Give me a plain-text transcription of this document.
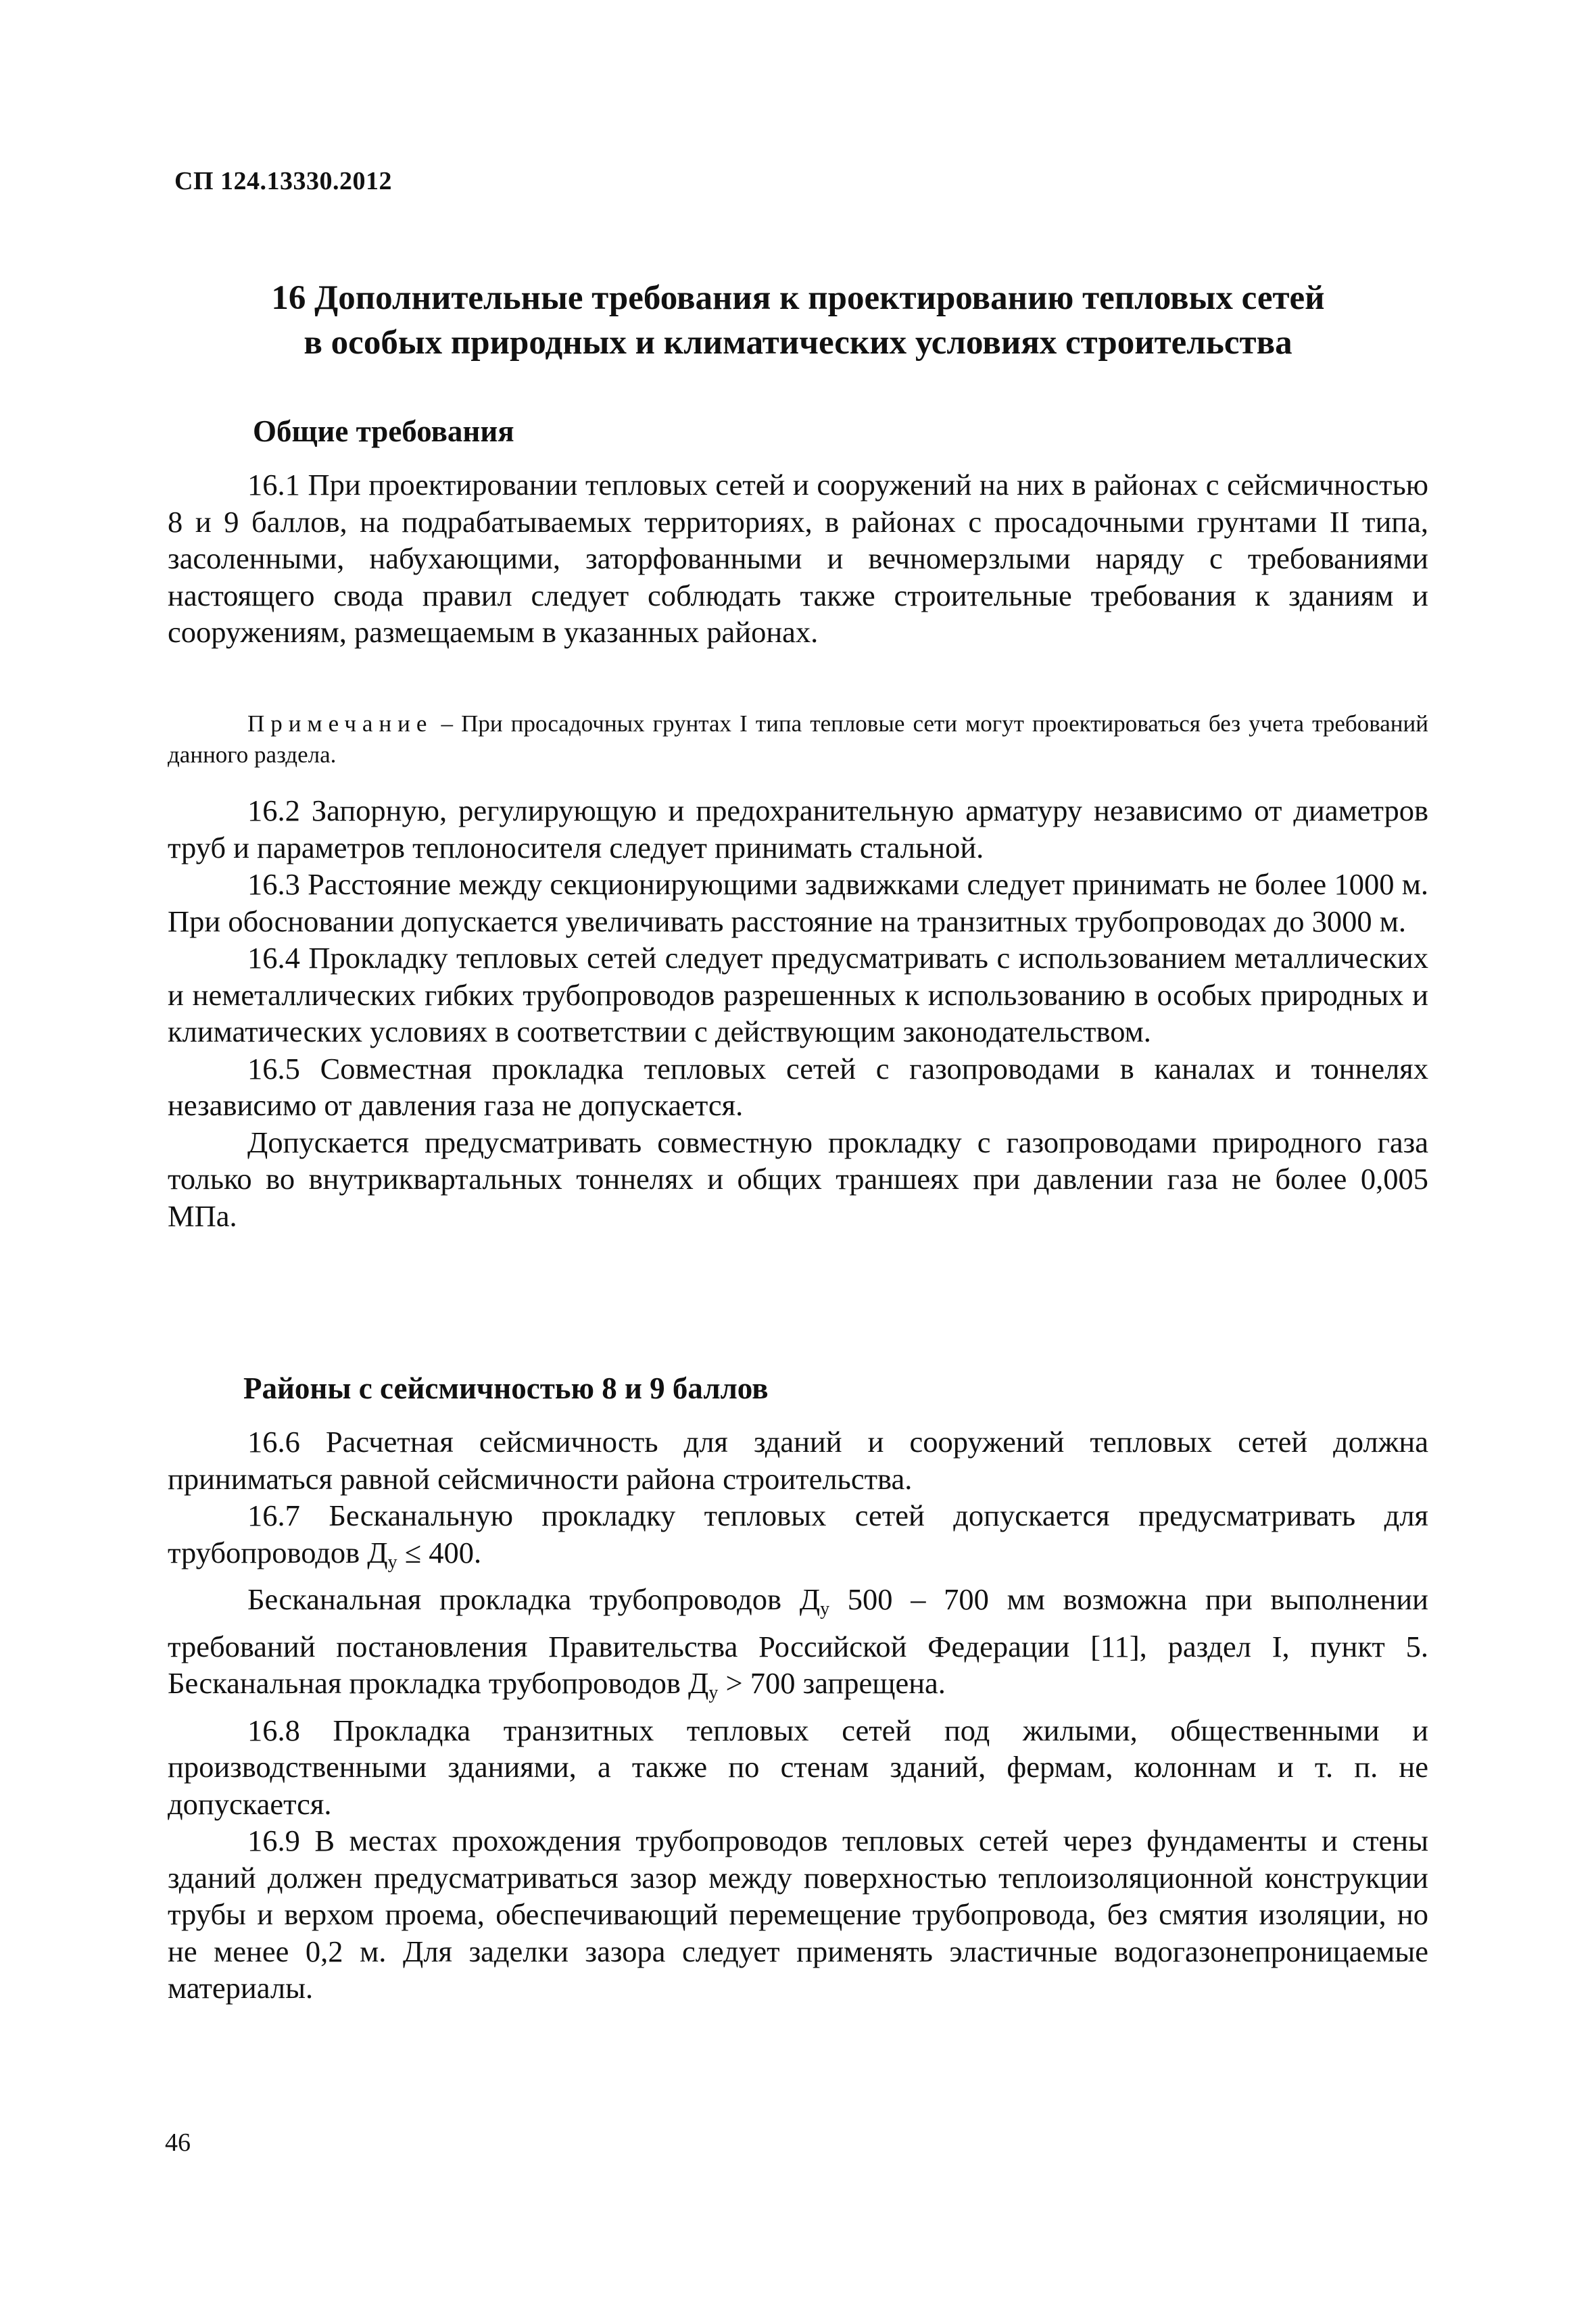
СП 124.13330.2012
16 Дополнительные требования к проектированию тепловых сетей
в особых природных и климатических условиях строительства
Общие требования

16.1 При проектировании тепловых сетей и сооружений на них в районах с сейсмичностью 8 и 9 баллов, на подрабатываемых территориях, в районах с просадочными грунтами II типа, засоленными, набухающими, заторфованными и вечномерзлыми наряду с требованиями настоящего свода правил следует соблюдать также строительные требования к зданиям и сооружениям, размещаемым в указанных районах.

Примечание – При просадочных грунтах I типа тепловые сети могут проектироваться без учета требований данного раздела.

16.2 Запорную, регулирующую и предохранительную арматуру независимо от диаметров труб и параметров теплоносителя следует принимать стальной.

16.3 Расстояние между секционирующими задвижками следует принимать не более 1000 м. При обосновании допускается увеличивать расстояние на транзитных трубопроводах до 3000 м.

16.4 Прокладку тепловых сетей следует предусматривать с использованием металлических и неметаллических гибких трубопроводов разрешенных к использованию в особых природных и климатических условиях в соответствии с действующим законодательством.

16.5 Совместная прокладка тепловых сетей с газопроводами в каналах и тоннелях независимо от давления газа не допускается.

Допускается предусматривать совместную прокладку с газопроводами природного газа только во внутриквартальных тоннелях и общих траншеях при давлении газа не более 0,005 МПа.

Районы с сейсмичностью 8 и 9 баллов

16.6 Расчетная сейсмичность для зданий и сооружений тепловых сетей должна приниматься равной сейсмичности района строительства.

16.7 Бесканальную прокладку тепловых сетей допускается предусматривать для трубопроводов $Д_у \le 400$.

Бесканальная прокладка трубопроводов $Д_у$ 500 – 700 мм возможна при выполнении требований постановления Правительства Российской Федерации [11], раздел I, пункт 5. Бесканальная прокладка трубопроводов $Д_у > 700$ запрещена.

16.8 Прокладка транзитных тепловых сетей под жилыми, общественными и производственными зданиями, а также по стенам зданий, фермам, колоннам и т. п. не допускается.

16.9 В местах прохождения трубопроводов тепловых сетей через фундаменты и стены зданий должен предусматриваться зазор между поверхностью теплоизоляционной конструкции трубы и верхом проема, обеспечивающий перемещение трубопровода, без смятия изоляции, но не менее 0,2 м. Для заделки зазора следует применять эластичные водогазонепроницаемые материалы.

46
